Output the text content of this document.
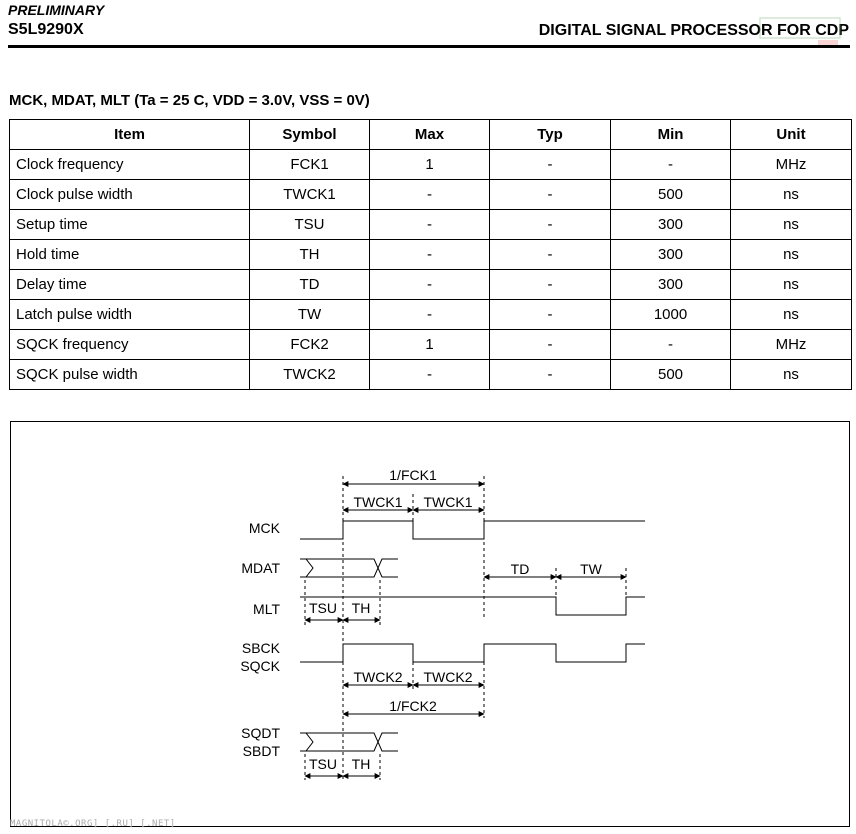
PRELIMINARY
S5L9290X	DIGITAL SIGNAL PROCESSOR FOR CDP
MCK, MDAT, MLT (Ta = 25 C, VDD = 3.0V, VSS = 0V)
Item	Symbol	Max	Typ	Min	Unit
Clock frequency	FCK1	1	-	-	MHz
Clock pulse width	TWCK1	-	-	500	ns
Setup time	TSU	-	-	300	ns
Hold time	TH	-	-	300	ns
Delay time	TD	-	-	300	ns
Latch pulse width	TW	-	-	1000	ns
SQCK frequency	FCK2	1	-	-	MHz
SQCK pulse width	TWCK2	-	-	500	ns
MCK
MDAT
MLT
SBCK
SQCK
SQDT
SBDT
1/FCK1
TWCK1 TWCK1
TD	TW
TSU TH
TWCK2 TWCK2
1/FCK2
TSU TH
MAGNITOLA©.ORG] [.RU] [.NET]
